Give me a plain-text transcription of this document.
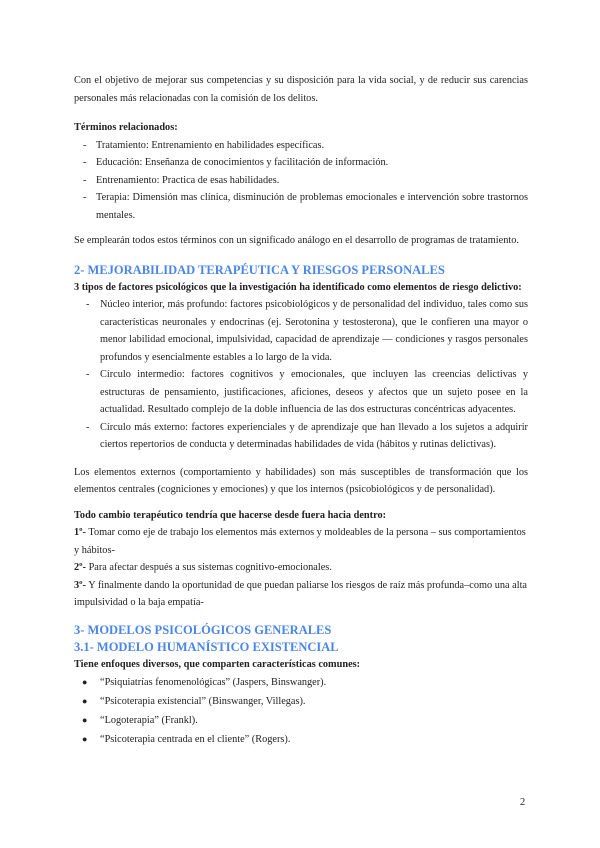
Con el objetivo de mejorar sus competencias y su disposición para la vida social, y de reducir sus carencias personales más relacionadas con la comisión de los delitos.

Términos relacionados:

- Tratamiento: Entrenamiento en habilidades específicas.
- Educación: Enseñanza de conocimientos y facilitación de información.
- Entrenamiento: Practica de esas habilidades.
- Terapia: Dimensión mas clínica, disminución de problemas emocionales e intervención sobre trastornos mentales.

Se emplearán todos estos términos con un significado análogo en el desarrollo de programas de tratamiento.

2- MEJORABILIDAD TERAPÉUTICA Y RIESGOS PERSONALES

3 tipos de factores psicológicos que la investigación ha identificado como elementos de riesgo delictivo:

- Núcleo interior, más profundo: factores psicobiológicos y de personalidad del individuo, tales como sus características neuronales y endocrinas (ej. Serotonina y testosterona), que le confieren una mayor o menor labilidad emocional, impulsividad, capacidad de aprendizaje — condiciones y rasgos personales profundos y esencialmente estables a lo largo de la vida.
- Círculo intermedio: factores cognitivos y emocionales, que incluyen las creencias delictivas y estructuras de pensamiento, justificaciones, aficiones, deseos y afectos que un sujeto posee en la actualidad. Resultado complejo de la doble influencia de las dos estructuras concéntricas adyacentes.
- Círculo más externo: factores experienciales y de aprendizaje que han llevado a los sujetos a adquirir ciertos repertorios de conducta y determinadas habilidades de vida (hábitos y rutinas delictivas).

Los elementos externos (comportamiento y habilidades) son más susceptibles de transformación que los elementos centrales (cogniciones y emociones) y que los internos (psicobiológicos y de personalidad).

Todo cambio terapéutico tendría que hacerse desde fuera hacia dentro:

1º- Tomar como eje de trabajo los elementos más externos y moldeables de la persona – sus comportamientos y hábitos-

2º- Para afectar después a sus sistemas cognitivo-emocionales.

3º- Y finalmente dando la oportunidad de que puedan paliarse los riesgos de raíz más profunda–como una alta impulsividad o la baja empatía-

3- MODELOS PSICOLÓGICOS GENERALES
3.1- MODELO HUMANÍSTICO EXISTENCIAL

Tiene enfoques diversos, que comparten características comunes:

● “Psiquiatrías fenomenológicas” (Jaspers, Binswanger).
● “Psicoterapia existencial” (Binswanger, Villegas).
● “Logoterapia” (Frankl).
● “Psicoterapia centrada en el cliente” (Rogers).
2
